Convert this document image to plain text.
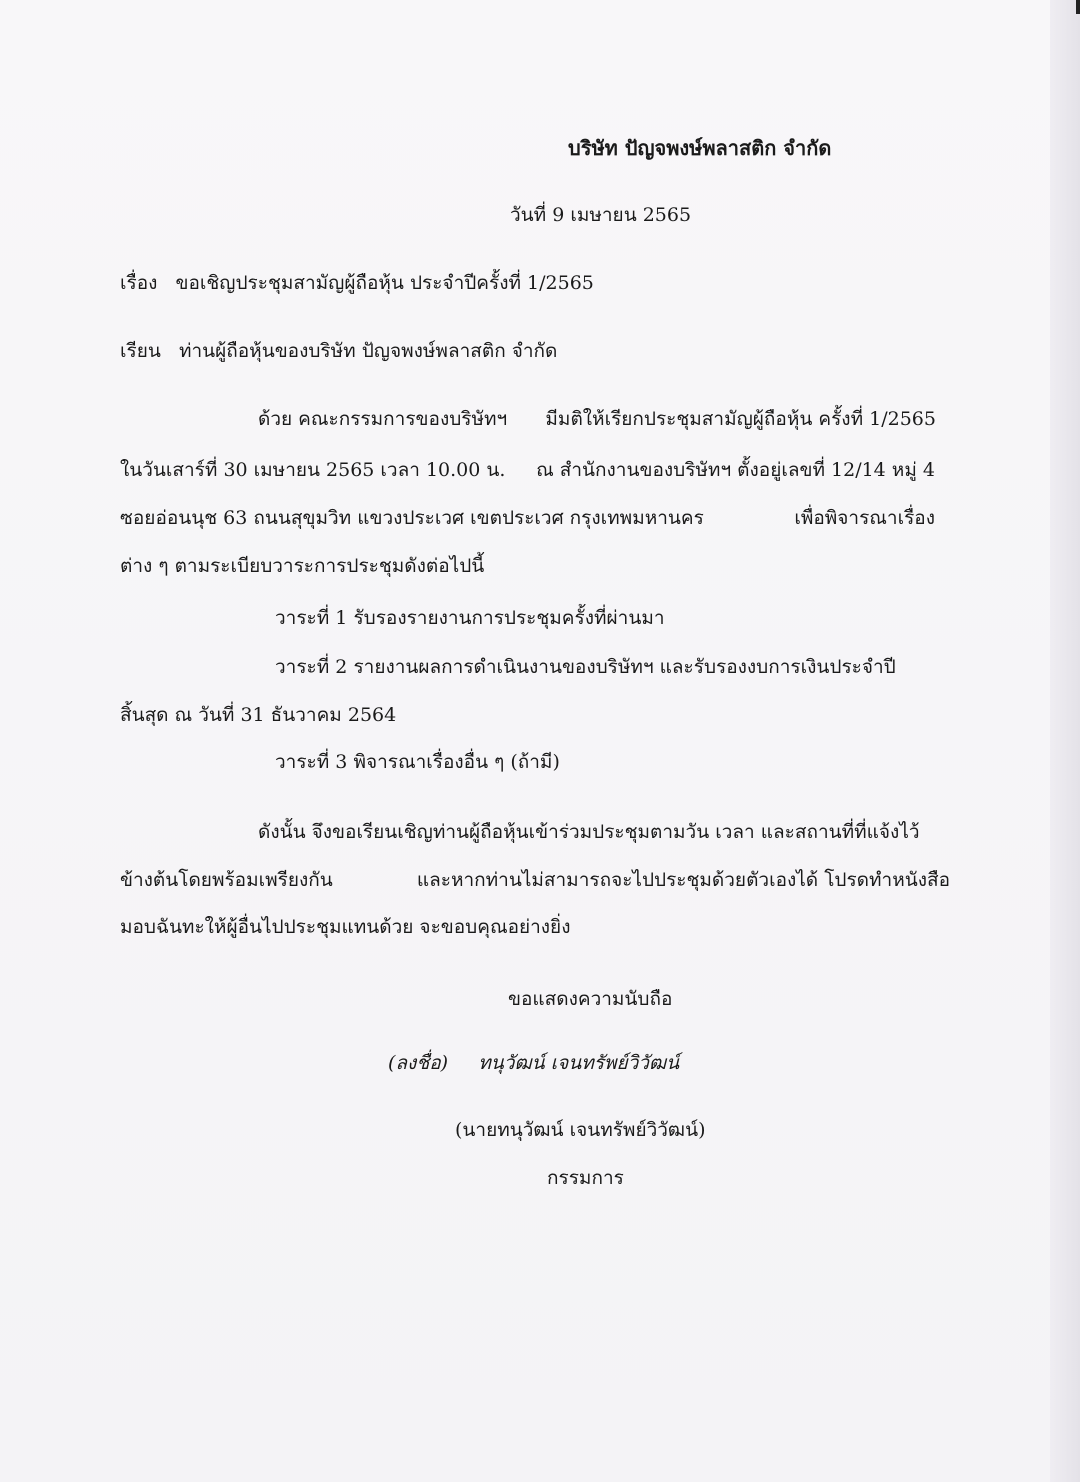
บริษัท ปัญจพงษ์พลาสติก จำกัด
วันที่ 9 เมษายน 2565
เรื่อง ขอเชิญประชุมสามัญผู้ถือหุ้น ประจำปีครั้งที่ 1/2565
เรียน ท่านผู้ถือหุ้นของบริษัท ปัญจพงษ์พลาสติก จำกัด
ด้วย คณะกรรมการของบริษัทฯ มีมติให้เรียกประชุมสามัญผู้ถือหุ้น ครั้งที่ 1/2565
ในวันเสาร์ที่ 30 เมษายน 2565 เวลา 10.00 น. ณ สำนักงานของบริษัทฯ ตั้งอยู่เลขที่ 12/14 หมู่ 4
ซอยอ่อนนุช 63 ถนนสุขุมวิท แขวงประเวศ เขตประเวศ กรุงเทพมหานคร	เพื่อพิจารณาเรื่อง
ต่าง ๆ ตามระเบียบวาระการประชุมดังต่อไปนี้
วาระที่ 1 รับรองรายงานการประชุมครั้งที่ผ่านมา
วาระที่ 2 รายงานผลการดำเนินงานของบริษัทฯ และรับรองงบการเงินประจำปี
สิ้นสุด ณ วันที่ 31 ธันวาคม 2564
วาระที่ 3 พิจารณาเรื่องอื่น ๆ (ถ้ามี)
ดังนั้น จึงขอเรียนเชิญท่านผู้ถือหุ้นเข้าร่วมประชุมตามวัน เวลา และสถานที่ที่แจ้งไว้
ข้างต้นโดยพร้อมเพรียงกัน	และหากท่านไม่สามารถจะไปประชุมด้วยตัวเองได้ โปรดทำหนังสือ
มอบฉันทะให้ผู้อื่นไปประชุมแทนด้วย จะขอบคุณอย่างยิ่ง
ขอแสดงความนับถือ
(ลงชื่อ) ทนุวัฒน์ เจนทรัพย์วิวัฒน์
(นายทนุวัฒน์ เจนทรัพย์วิวัฒน์)
กรรมการ
